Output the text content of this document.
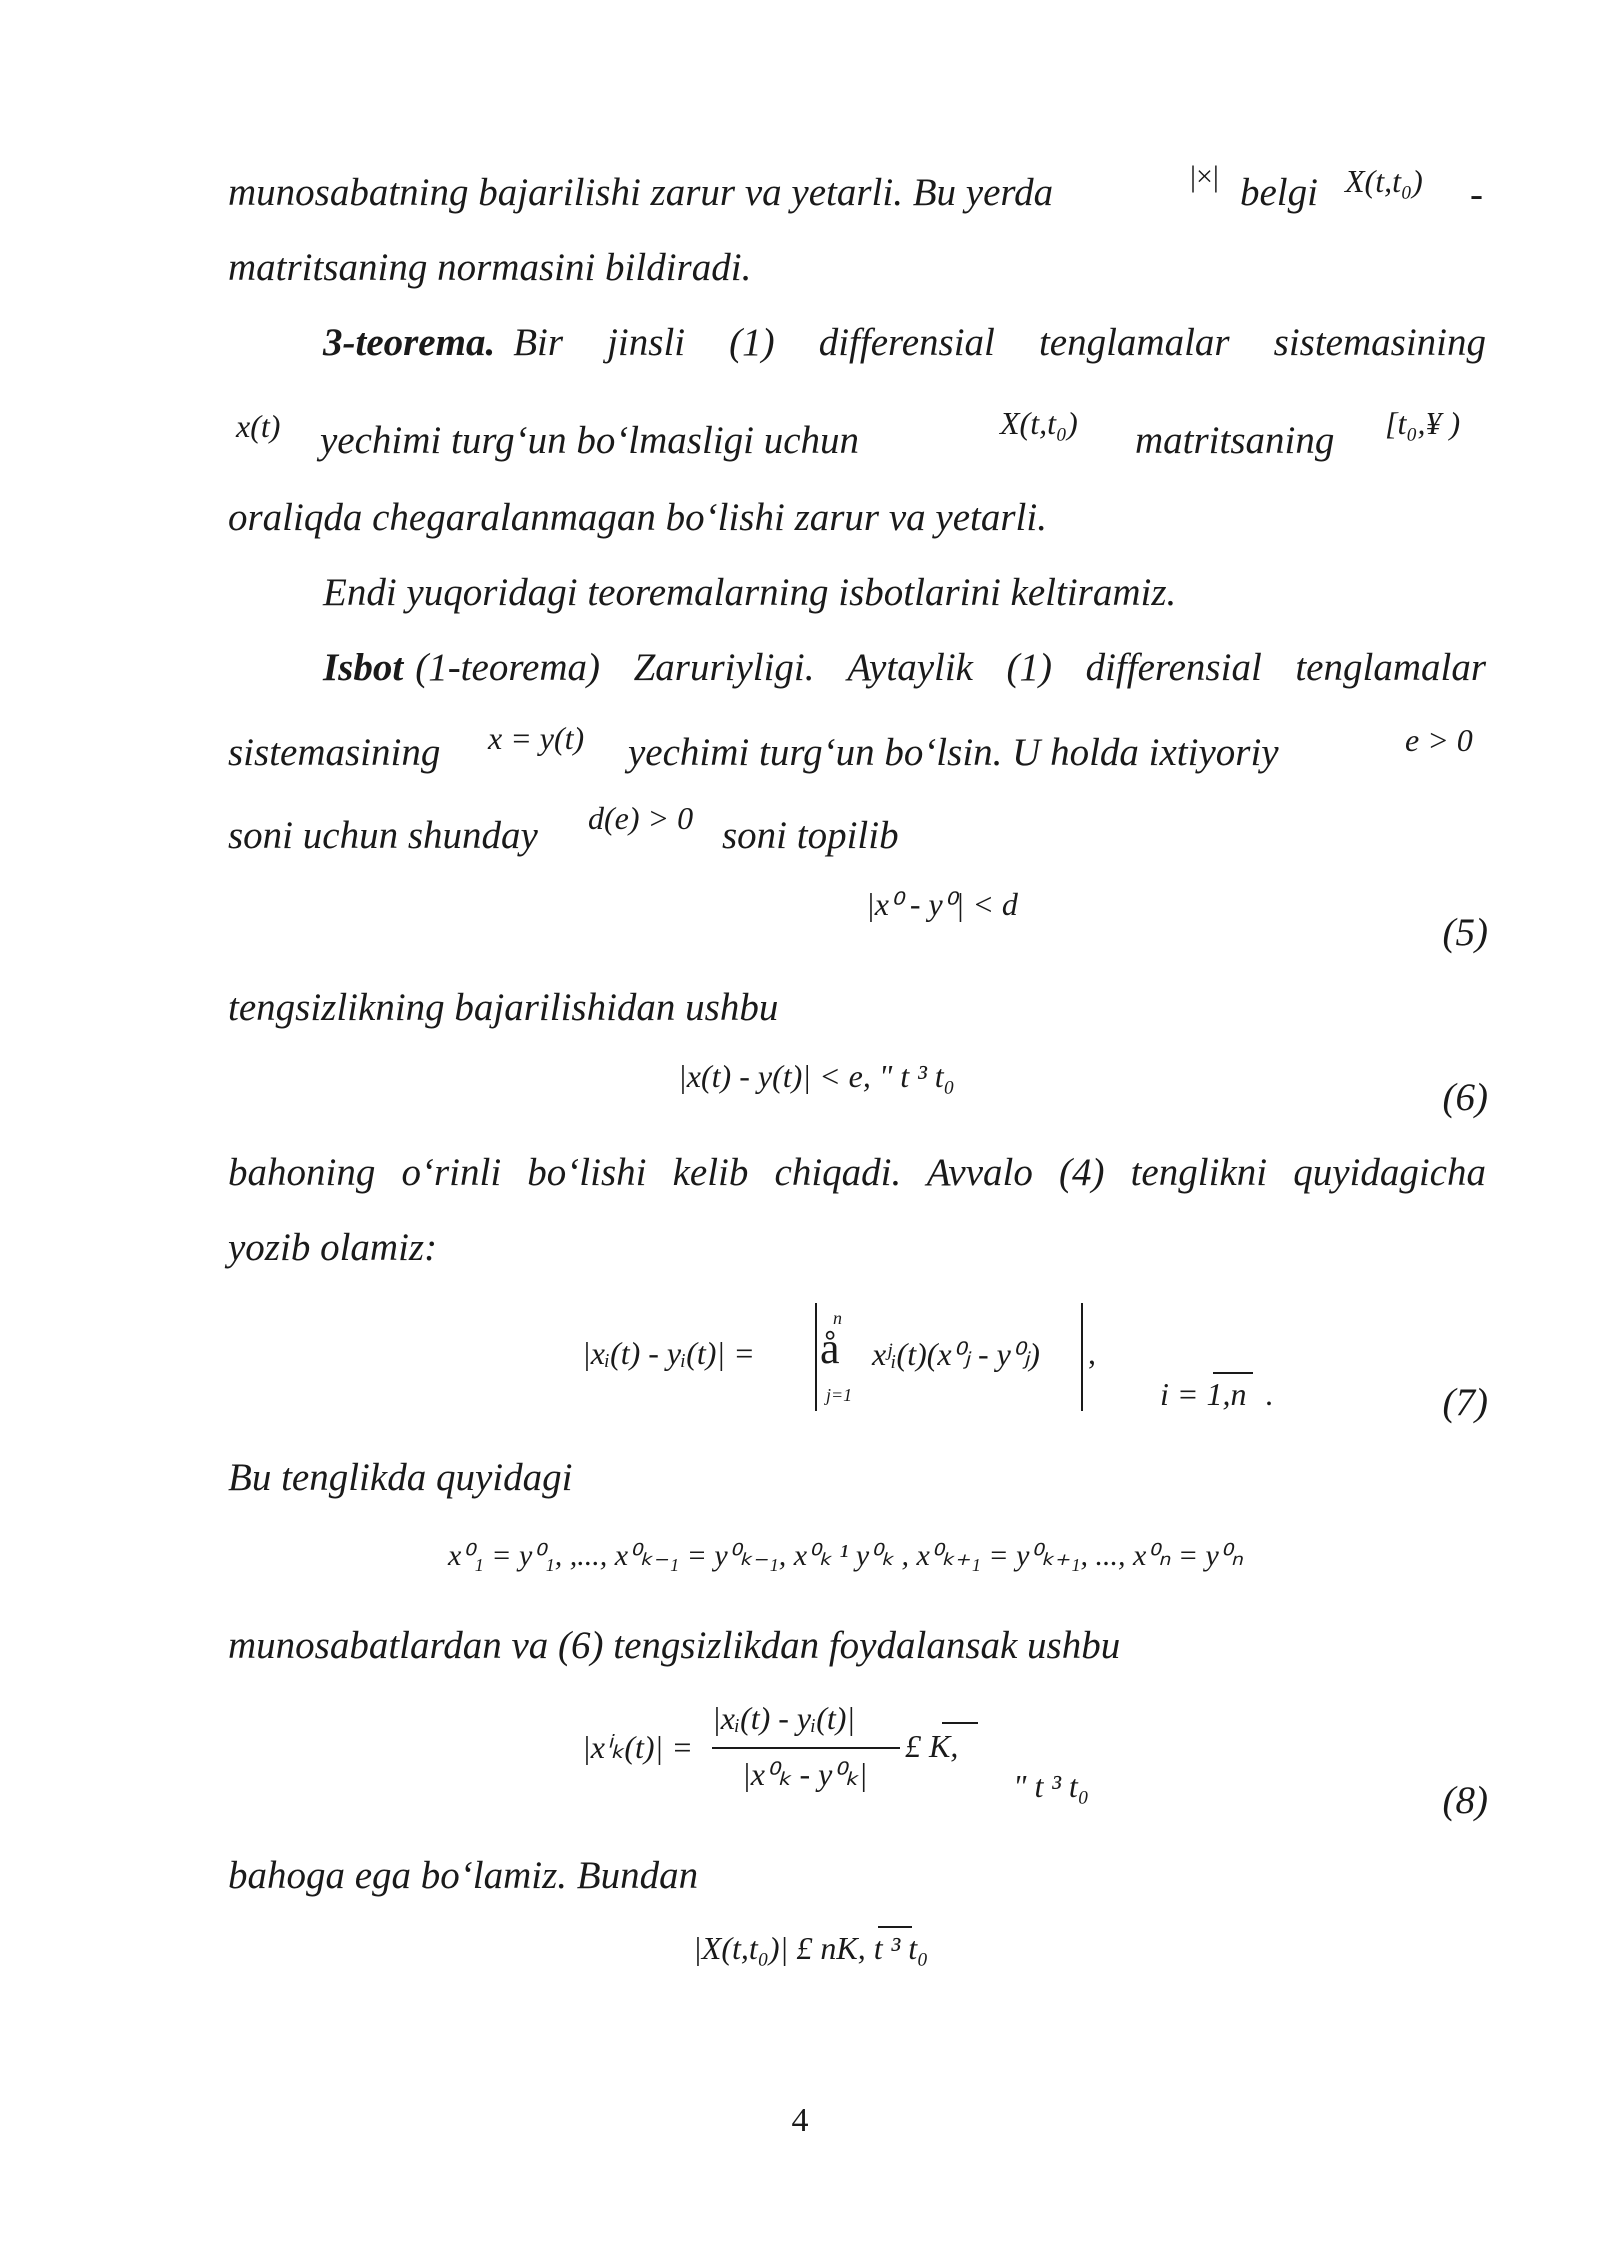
munosabatning bajarilishi zarur va yetarli. Bu yerda	|×| belgi X(t,t₀) -
matritsaning normasini bildiradi.
3-teorema. Bir jinsli (1) differensial tenglamalar sistemasining
x(t) yechimi turg‘un bo‘lmasligi uchun	X(t,t₀) matritsaning [t₀,¥ )
oraliqda chegaralanmagan bo‘lishi zarur va yetarli.
Endi yuqoridagi teoremalarning isbotlarini keltiramiz.
Isbot (1-teorema) Zaruriyligi. Aytaylik (1) differensial tenglamalar
sistemasining x = y(t) yechimi turg‘un bo‘lsin. U holda ixtiyoriy	e > 0
soni uchun shunday d(e) > 0 soni topilib
|x⁰ - y⁰| < d
(5)
tengsizlikning bajarilishidan ushbu
|x(t) - y(t)| < e, " t ³ t₀	(6)
bahoning o‘rinli bo‘lishi kelib chiqadi. Avvalo (4) tenglikni quyidagicha
yozib olamiz:
|xᵢ(t) - yᵢ(t)| =
n
å
j=1
xʲᵢ(t)(x⁰ⱼ - y⁰ⱼ) ,
i = 1,n .	(7)
Bu tenglikda quyidagi
x⁰₁ = y⁰₁, ,..., x⁰ₖ₋₁ = y⁰ₖ₋₁, x⁰ₖ ¹ y⁰ₖ , x⁰ₖ₊₁ = y⁰ₖ₊₁, ..., x⁰ₙ = y⁰ₙ
munosabatlardan va (6) tengsizlikdan foydalansak ushbu
|xⁱₖ(t)| =
|xᵢ(t) - yᵢ(t)|
|x⁰ₖ - y⁰ₖ|
£ K,
" t ³ t₀	(8)
bahoga ega bo‘lamiz. Bundan
|X(t,t₀)| £ nK, t ³ t₀
4
